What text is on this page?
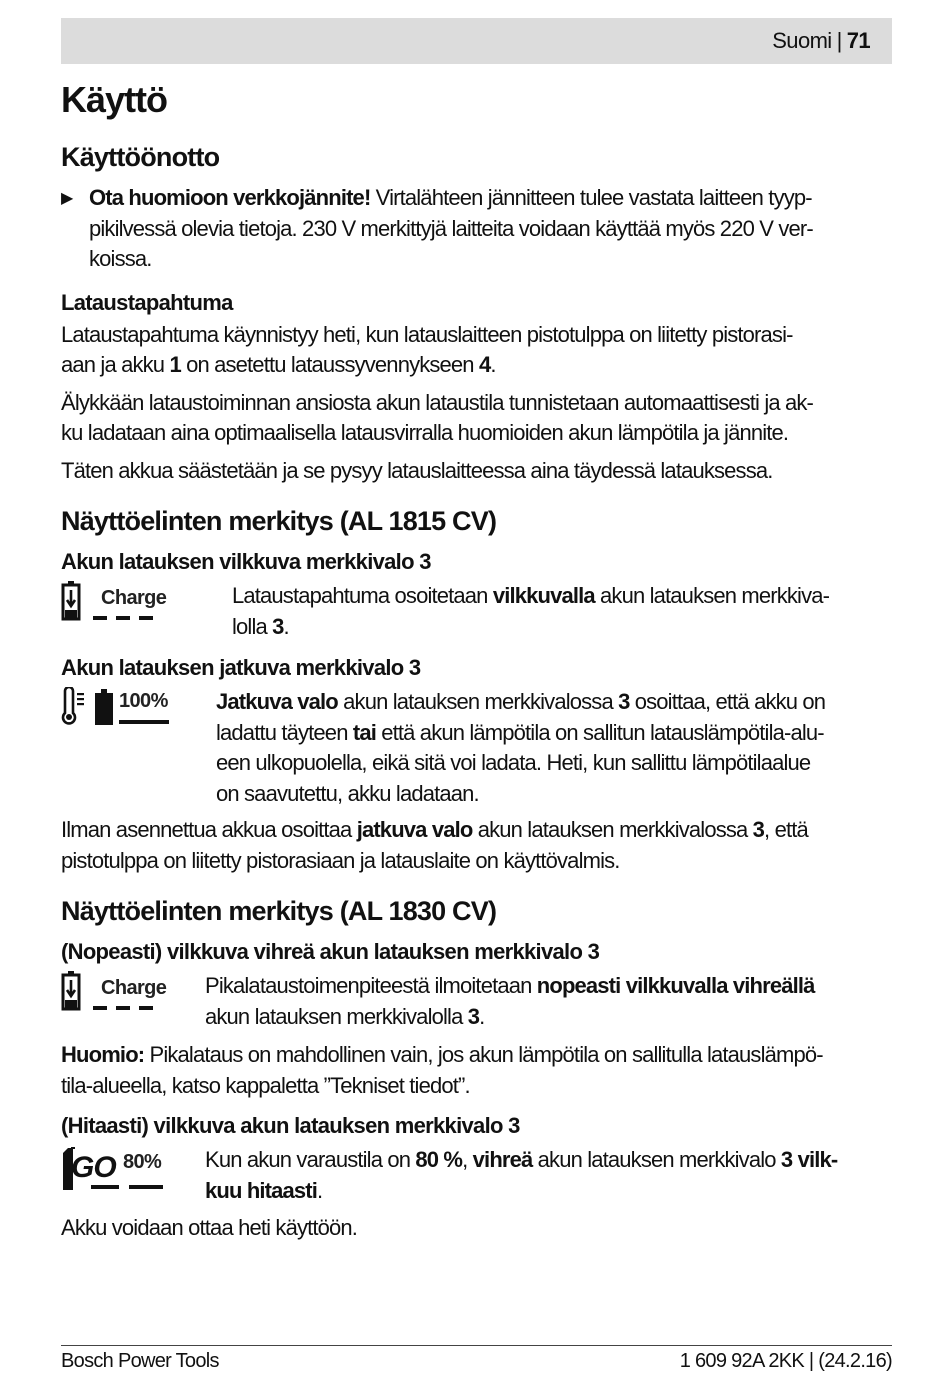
Suomi | 71
Käyttö
Käyttöönotto
▶ Ota huomioon verkkojännite! Virtalähteen jännitteen tulee vastata laitteen tyyp-
pikilvessä olevia tietoja. 230 V merkittyjä laitteita voidaan käyttää myös 220 V ver-
koissa.
Lataustapahtuma
Lataustapahtuma käynnistyy heti, kun latauslaitteen pistotulppa on liitetty pistorasi-
aan ja akku 1 on asetettu lataussyvennykseen 4.
Älykkään lataustoiminnan ansiosta akun lataustila tunnistetaan automaattisesti ja ak-
ku ladataan aina optimaalisella latausvirralla huomioiden akun lämpötila ja jännite.
Täten akkua säästetään ja se pysyy latauslaitteessa aina täydessä latauksessa.
Näyttöelinten merkitys (AL 1815 CV)
Akun latauksen vilkkuva merkkivalo 3
Charge	Lataustapahtuma osoitetaan vilkkuvalla akun latauksen merkkiva-
lolla 3.
Akun latauksen jatkuva merkkivalo 3
100% Jatkuva valo akun latauksen merkkivalossa 3 osoittaa, että akku on
ladattu täyteen tai että akun lämpötila on sallitun latauslämpötila-alu-
een ulkopuolella, eikä sitä voi ladata. Heti, kun sallittu lämpötilaalue
on saavutettu, akku ladataan.
Ilman asennettua akkua osoittaa jatkuva valo akun latauksen merkkivalossa 3, että
pistotulppa on liitetty pistorasiaan ja latauslaite on käyttövalmis.
Näyttöelinten merkitys (AL 1830 CV)
(Nopeasti) vilkkuva vihreä akun latauksen merkkivalo 3
Charge Pikalataustoimenpiteestä ilmoitetaan nopeasti vilkkuvalla vihreällä
akun latauksen merkkivalolla 3.
Huomio: Pikalataus on mahdollinen vain, jos akun lämpötila on sallitulla latauslämpö-
tila-alueella, katso kappaletta ”Tekniset tiedot”.
(Hitaasti) vilkkuva akun latauksen merkkivalo 3
GO 80% Kun akun varaustila on 80 %, vihreä akun latauksen merkkivalo 3 vilk-
kuu hitaasti.
Akku voidaan ottaa heti käyttöön.
Bosch Power Tools	1 609 92A 2KK | (24.2.16)
